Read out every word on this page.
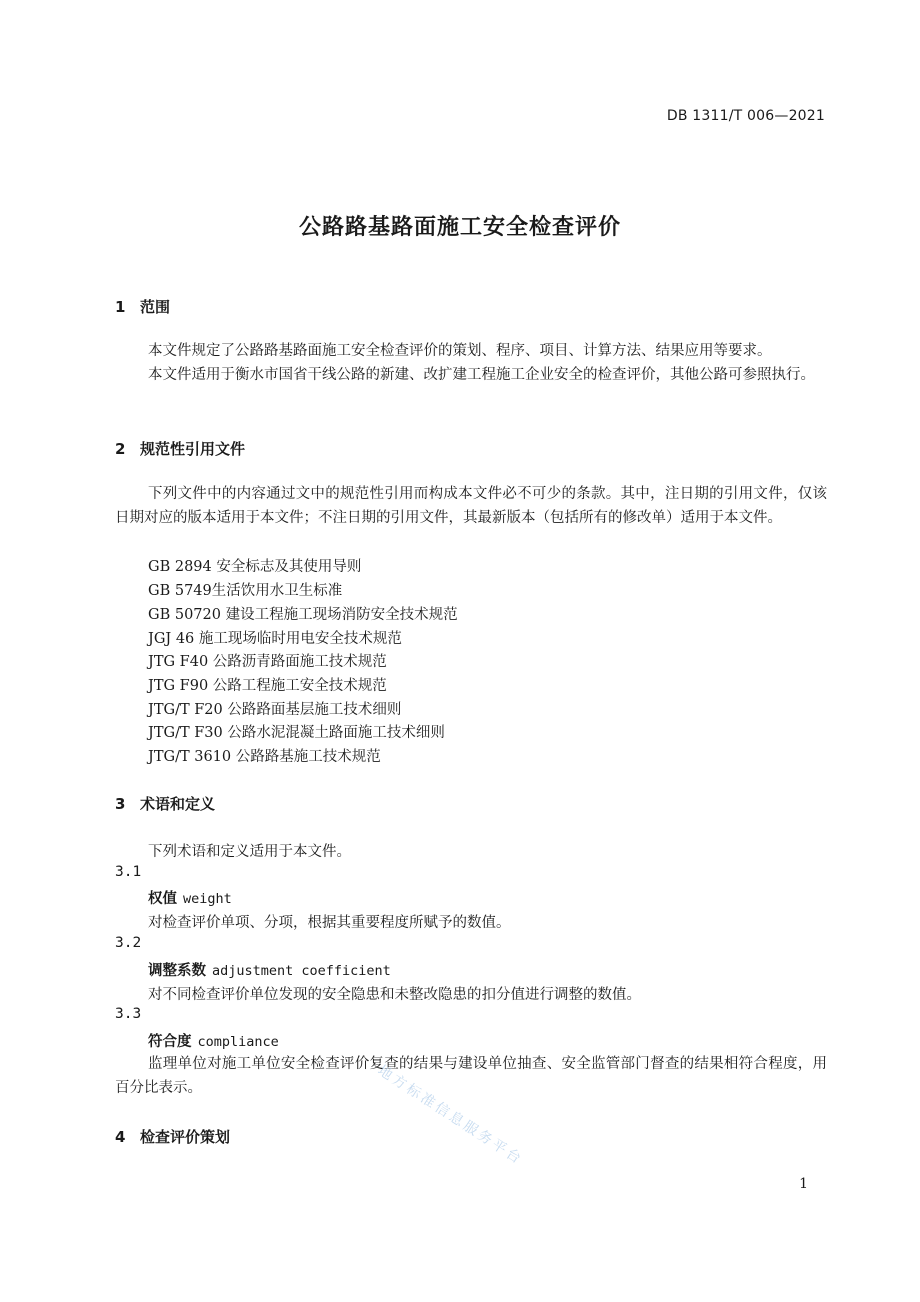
DB 1311/T 006—2021
公路路基路面施工安全检查评价
1 范围
本文件规定了公路路基路面施工安全检查评价的策划、程序、项目、计算方法、结果应用等要求。
本文件适用于衡水市国省干线公路的新建、改扩建工程施工企业安全的检查评价，其他公路可参照执行。
2 规范性引用文件
下列文件中的内容通过文中的规范性引用而构成本文件必不可少的条款。其中，注日期的引用文件，仅该日期对应的版本适用于本文件；不注日期的引用文件，其最新版本（包括所有的修改单）适用于本文件。
GB 2894 安全标志及其使用导则
GB 5749生活饮用水卫生标准
GB 50720 建设工程施工现场消防安全技术规范
JGJ 46 施工现场临时用电安全技术规范
JTG F40 公路沥青路面施工技术规范
JTG F90 公路工程施工安全技术规范
JTG/T F20 公路路面基层施工技术细则
JTG/T F30 公路水泥混凝土路面施工技术细则
JTG/T 3610 公路路基施工技术规范
3 术语和定义
下列术语和定义适用于本文件。
3.1
权值 weight
对检查评价单项、分项，根据其重要程度所赋予的数值。
3.2
调整系数 adjustment coefficient
对不同检查评价单位发现的安全隐患和未整改隐患的扣分值进行调整的数值。
3.3
符合度 compliance
监理单位对施工单位安全检查评价复查的结果与建设单位抽查、安全监管部门督查的结果相符合程度，用百分比表示。
4 检查评价策划	地方标准信息服务平台
1
